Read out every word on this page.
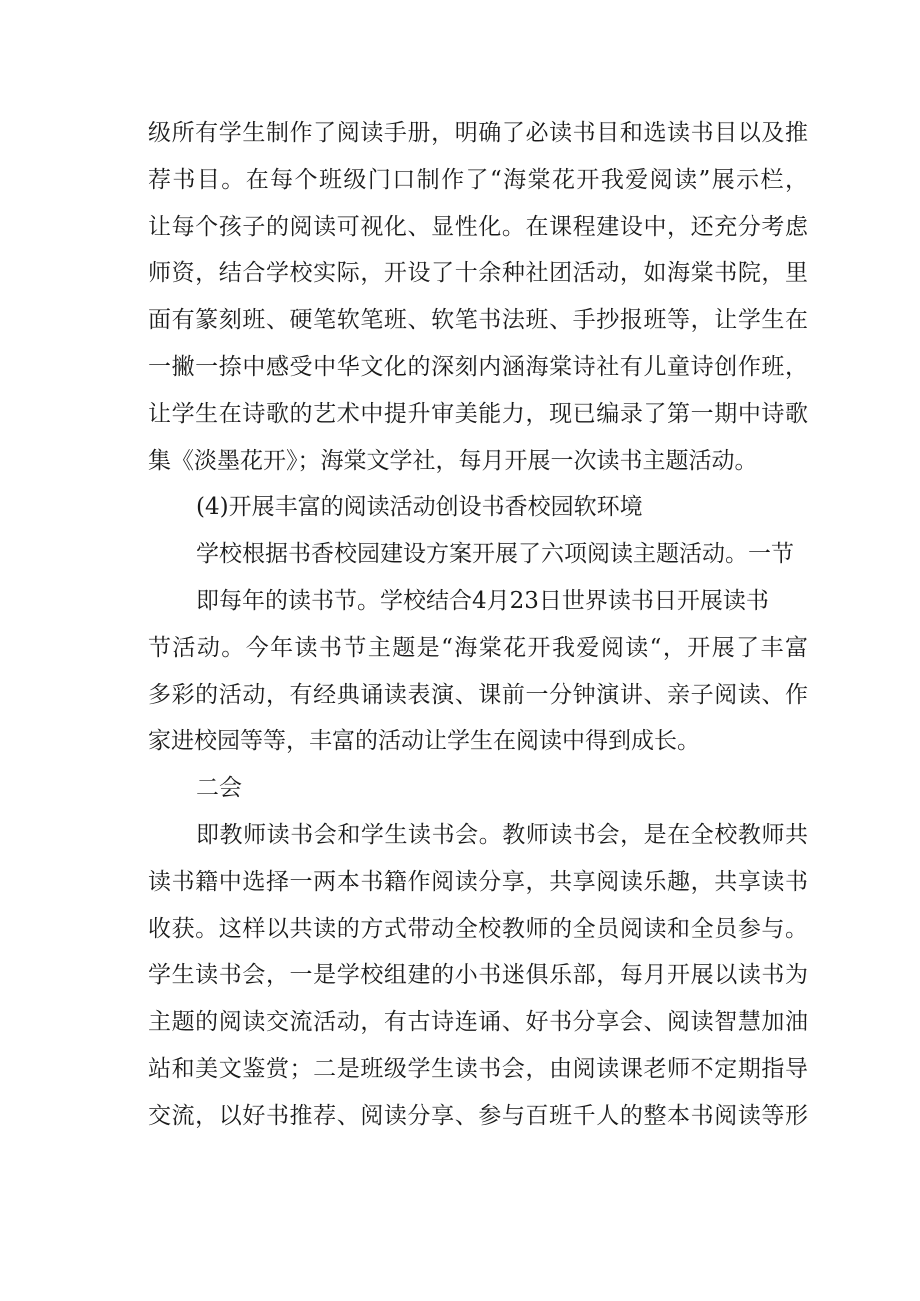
级所有学生制作了阅读手册，明确了必读书目和选读书目以及推
荐书目。在每个班级门口制作了“海棠花开我爱阅读”展示栏，
让每个孩子的阅读可视化、显性化。在课程建设中，还充分考虑
师资，结合学校实际，开设了十余种社团活动，如海棠书院，里
面有篆刻班、硬笔软笔班、软笔书法班、手抄报班等，让学生在
一撇一捺中感受中华文化的深刻内涵海棠诗社有儿童诗创作班，
让学生在诗歌的艺术中提升审美能力，现已编录了第一期中诗歌
集《淡墨花开》；海棠文学社，每月开展一次读书主题活动。
(4)开展丰富的阅读活动创设书香校园软环境
学校根据书香校园建设方案开展了六项阅读主题活动。一节
即每年的读书节。学校结合4月23日世界读书日开展读书
节活动。今年读书节主题是“海棠花开我爱阅读“，开展了丰富
多彩的活动，有经典诵读表演、课前一分钟演讲、亲子阅读、作
家进校园等等，丰富的活动让学生在阅读中得到成长。
二会
即教师读书会和学生读书会。教师读书会，是在全校教师共
读书籍中选择一两本书籍作阅读分享，共享阅读乐趣，共享读书
收获。这样以共读的方式带动全校教师的全员阅读和全员参与。
学生读书会，一是学校组建的小书迷俱乐部，每月开展以读书为
主题的阅读交流活动，有古诗连诵、好书分享会、阅读智慧加油
站和美文鉴赏；二是班级学生读书会，由阅读课老师不定期指导
交流，以好书推荐、阅读分享、参与百班千人的整本书阅读等形
